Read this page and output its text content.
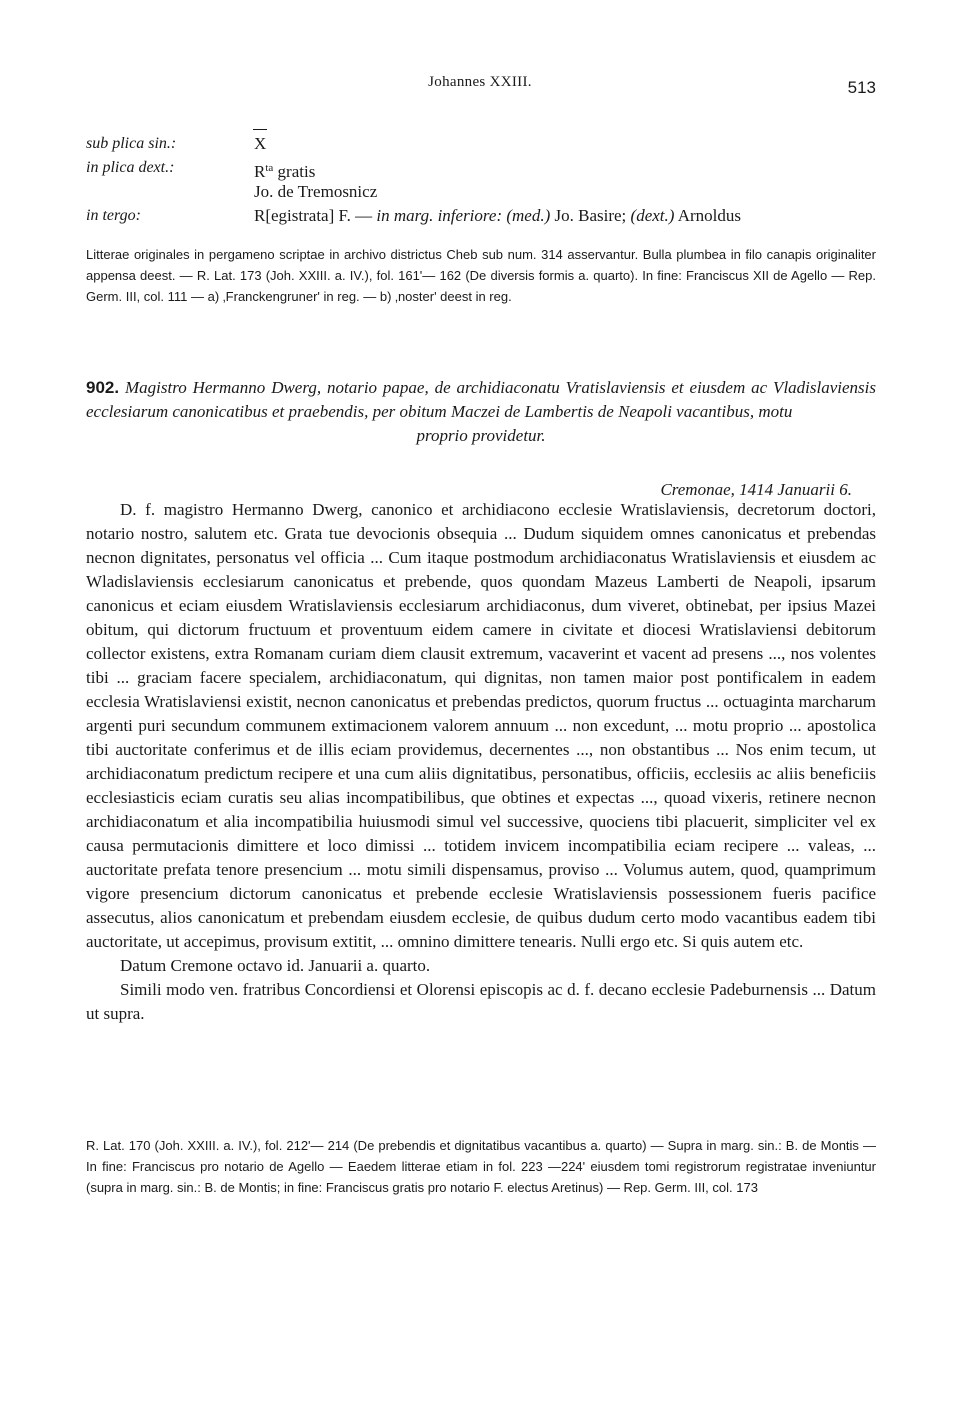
Johannes XXIII.	513
sub plica sin.:	X
in plica dext.:	$R^{ta}$ gratis
Jo. de Tremosnicz
in tergo:	R[egistrata] F. — in marg. inferiore: (med.) Jo. Basire; (dext.) Arnoldus
Litterae originales in pergameno scriptae in archivo districtus Cheb sub num. 314 asservantur. Bulla plumbea in filo canapis originaliter appensa deest. — R. Lat. 173 (Joh. XXIII. a. IV.), fol. 161'— 162 (De diversis formis a. quarto). In fine: Franciscus XII de Agello — Rep. Germ. III, col. 111 — a) ‚Franckengruner' in reg. — b) ‚noster' deest in reg.
902. Magistro Hermanno Dwerg, notario papae, de archidiaconatu Vratislaviensis et eiusdem ac Vladislaviensis ecclesiarum canonicatibus et praebendis, per obitum Maczei de Lambertis de Neapoli vacantibus, motu
proprio providetur.
Cremonae, 1414 Januarii 6.

D. f. magistro Hermanno Dwerg, canonico et archidiacono ecclesie Wratislaviensis, decretorum doctori, notario nostro, salutem etc. Grata tue devocionis obsequia ... Dudum siquidem omnes canonicatus et prebendas necnon dignitates, personatus vel officia ... Cum itaque postmodum archidiaconatus Wratislaviensis et eiusdem ac Wladislaviensis ecclesiarum canonicatus et prebende, quos quondam Mazeus Lamberti de Neapoli, ipsarum canonicus et eciam eiusdem Wratislaviensis ecclesiarum archidiaconus, dum viveret, obtinebat, per ipsius Mazei obitum, qui dictorum fructuum et proventuum eidem camere in civitate et diocesi Wratislaviensi debitorum collector existens, extra Romanam curiam diem clausit extremum, vacaverint et vacent ad presens ..., nos volentes tibi ... graciam facere specialem, archidiaconatum, qui dignitas, non tamen maior post pontificalem in eadem ecclesia Wratislaviensi existit, necnon canonicatus et prebendas predictos, quorum fructus ... octuaginta marcharum argenti puri secundum communem extimacionem valorem annuum ... non excedunt, ... motu proprio ... apostolica tibi auctoritate conferimus et de illis eciam providemus, decernentes ..., non obstantibus ... Nos enim tecum, ut archidiaconatum predictum recipere et una cum aliis dignitatibus, personatibus, officiis, ecclesiis ac aliis beneficiis ecclesiasticis eciam curatis seu alias incompatibilibus, que obtines et expectas ..., quoad vixeris, retinere necnon archidiaconatum et alia incompatibilia huiusmodi simul vel successive, quociens tibi placuerit, simpliciter vel ex causa permutacionis dimittere et loco dimissi ... totidem invicem incompatibilia eciam recipere ... valeas, ... auctoritate prefata tenore presencium ... motu simili dispensamus, proviso ... Volumus autem, quod, quamprimum vigore presencium dictorum canonicatus et prebende ecclesie Wratislaviensis possessionem fueris pacifice assecutus, alios canonicatum et prebendam eiusdem ecclesie, de quibus dudum certo modo vacantibus eadem tibi auctoritate, ut accepimus, provisum extitit, ... omnino dimittere tenearis. Nulli ergo etc. Si quis autem etc.

Datum Cremone octavo id. Januarii a. quarto.

Simili modo ven. fratribus Concordiensi et Olorensi episcopis ac d. f. decano ecclesie Padeburnensis ... Datum ut supra.

R. Lat. 170 (Joh. XXIII. a. IV.), fol. 212'— 214 (De prebendis et dignitatibus vacantibus a. quarto) — Supra in marg. sin.: B. de Montis — In fine: Franciscus pro notario de Agello — Eaedem litterae etiam in fol. 223 —224' eiusdem tomi registrorum registratae inveniuntur (supra in marg. sin.: B. de Montis; in fine: Franciscus gratis pro notario F. electus Aretinus) — Rep. Germ. III, col. 173
